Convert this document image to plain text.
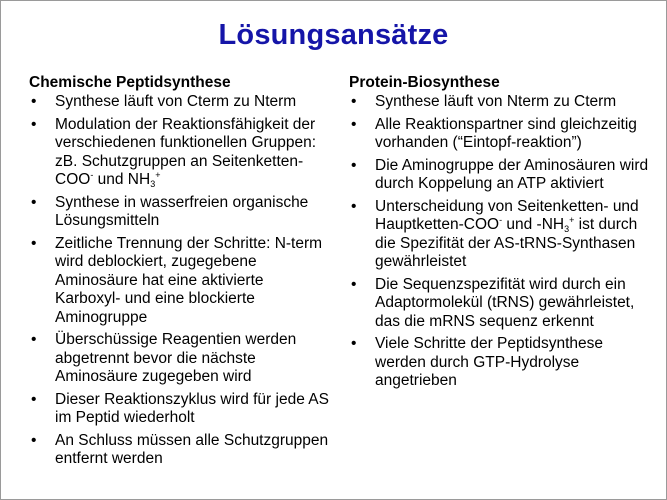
Lösungsansätze
Chemische Peptidsynthese
• Synthese läuft von Cterm zu Nterm
• Modulation der Reaktionsfähigkeit der verschiedenen funktionellen Gruppen: zB. Schutzgruppen an Seitenketten-COO- und $NH_3^+$
• Synthese in wasserfreien organische Lösungsmitteln
• Zeitliche Trennung der Schritte: N-term wird deblockiert, zugegebene Aminosäure hat eine aktivierte Karboxyl- und eine blockierte Aminogruppe
• Überschüssige Reagentien werden abgetrennt bevor die nächste Aminosäure zugegeben wird
• Dieser Reaktionszyklus wird für jede AS im Peptid wiederholt
• An Schluss müssen alle Schutzgruppen entfernt werden
Protein-Biosynthese
• Synthese läuft von Nterm zu Cterm
• Alle Reaktionspartner sind gleichzeitig vorhanden (“Eintopf-reaktion”)
• Die Aminogruppe der Aminosäuren wird durch Koppelung an ATP aktiviert
• Unterscheidung von Seitenketten- und Hauptketten-COO- und $-NH_3^+$ ist durch die Spezifität der AS-tRNS-Synthasen gewährleistet
• Die Sequenzspezifität wird durch ein Adaptormolekül (tRNS) gewährleistet, das die mRNS sequenz erkennt
• Viele Schritte der Peptidsynthese werden durch GTP-Hydrolyse angetrieben
